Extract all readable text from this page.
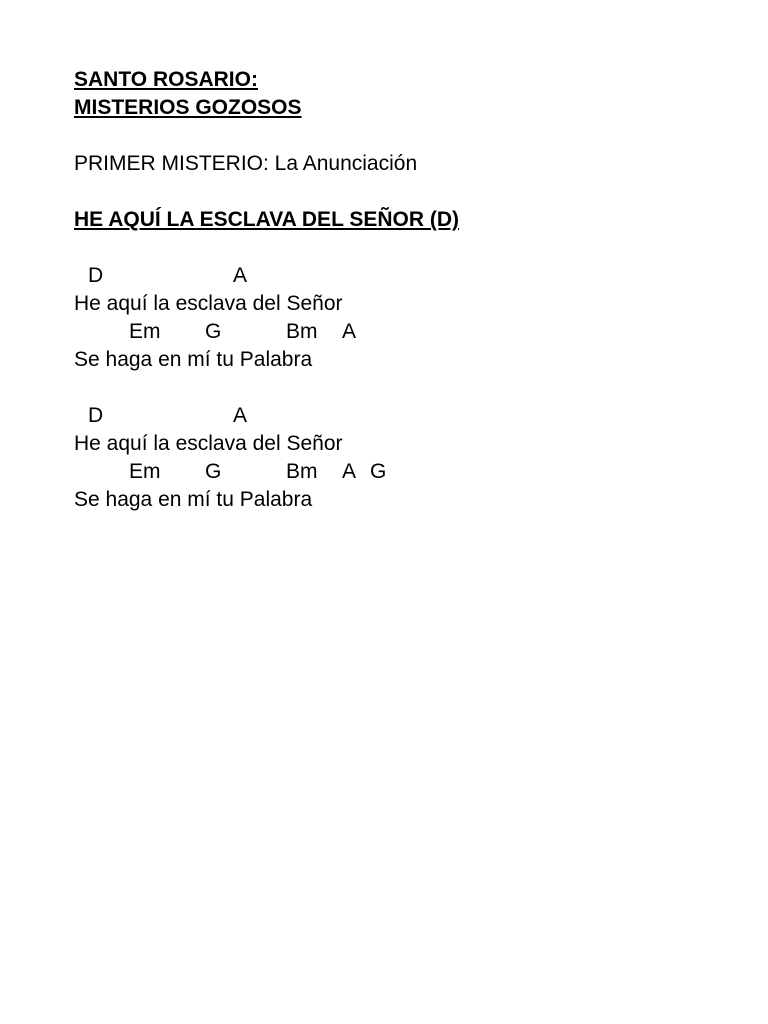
SANTO ROSARIO:
MISTERIOS GOZOSOS
PRIMER MISTERIO: La Anunciación
HE AQUÍ LA ESCLAVA DEL SEÑOR (D)
D	A
He aquí la esclava del Señor
Em G	Bm A
Se haga en mí tu Palabra
D	A
He aquí la esclava del Señor
Em G	Bm A G
Se haga en mí tu Palabra
